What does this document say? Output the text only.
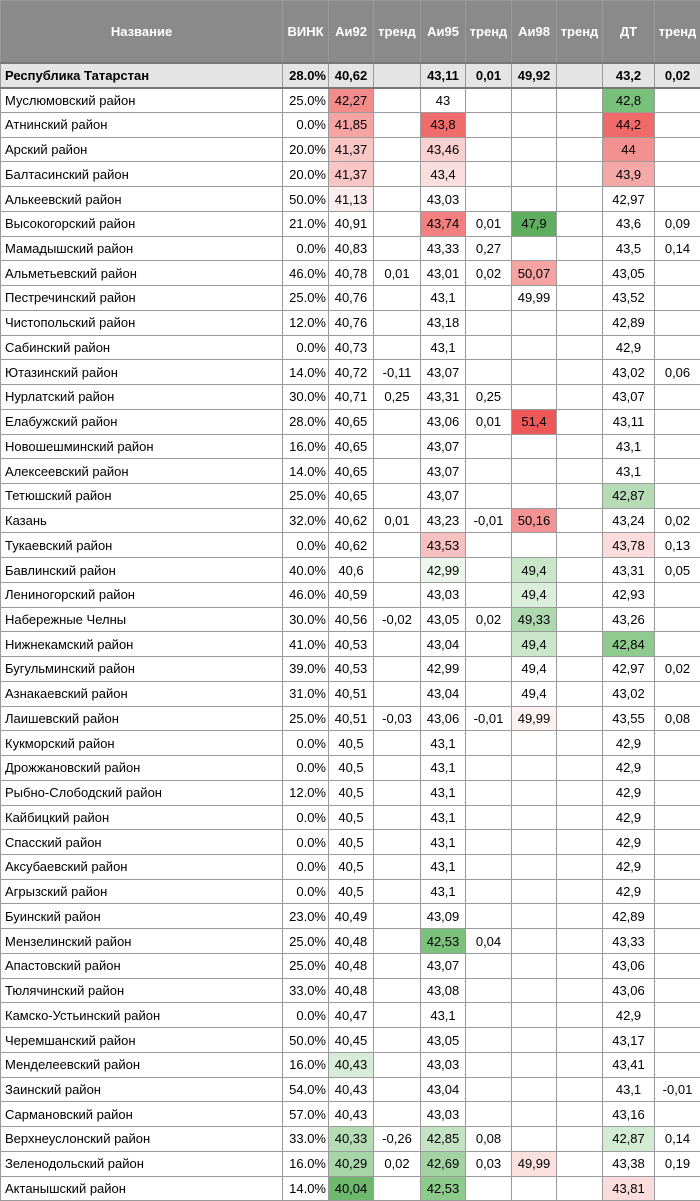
Название	ВИНК	Аи92	тренд	Аи95	тренд	Аи98	тренд	ДТ	тренд
Республика Татарстан	28.0%	40,62		43,11	0,01	49,92		43,2	0,02
Муслюмовский район	25.0%	42,27		43				42,8	
Атнинский район	0.0%	41,85		43,8				44,2	
Арский район	20.0%	41,37		43,46				44	
Балтасинский район	20.0%	41,37		43,4				43,9	
Алькеевский район	50.0%	41,13		43,03				42,97	
Высокогорский район	21.0%	40,91		43,74	0,01	47,9		43,6	0,09
Мамадышский район	0.0%	40,83		43,33	0,27			43,5	0,14
Альметьевский район	46.0%	40,78	0,01	43,01	0,02	50,07		43,05	
Пестречинский район	25.0%	40,76		43,1		49,99		43,52	
Чистопольский район	12.0%	40,76		43,18				42,89	
Сабинский район	0.0%	40,73		43,1				42,9	
Ютазинский район	14.0%	40,72	-0,11	43,07				43,02	0,06
Нурлатский район	30.0%	40,71	0,25	43,31	0,25			43,07	
Елабужский район	28.0%	40,65		43,06	0,01	51,4		43,11	
Новошешминский район	16.0%	40,65		43,07				43,1	
Алексеевский район	14.0%	40,65		43,07				43,1	
Тетюшский район	25.0%	40,65		43,07				42,87	
Казань	32.0%	40,62	0,01	43,23	-0,01	50,16		43,24	0,02
Тукаевский район	0.0%	40,62		43,53				43,78	0,13
Бавлинский район	40.0%	40,6		42,99		49,4		43,31	0,05
Лениногорский район	46.0%	40,59		43,03		49,4		42,93	
Набережные Челны	30.0%	40,56	-0,02	43,05	0,02	49,33		43,26	
Нижнекамский район	41.0%	40,53		43,04		49,4		42,84	
Бугульминский район	39.0%	40,53		42,99		49,4		42,97	0,02
Азнакаевский район	31.0%	40,51		43,04		49,4		43,02	
Лаишевский район	25.0%	40,51	-0,03	43,06	-0,01	49,99		43,55	0,08
Кукморский район	0.0%	40,5		43,1				42,9	
Дрожжановский район	0.0%	40,5		43,1				42,9	
Рыбно-Слободский район	12.0%	40,5		43,1				42,9	
Кайбицкий район	0.0%	40,5		43,1				42,9	
Спасский район	0.0%	40,5		43,1				42,9	
Аксубаевский район	0.0%	40,5		43,1				42,9	
Агрызский район	0.0%	40,5		43,1				42,9	
Буинский район	23.0%	40,49		43,09				42,89	
Мензелинский район	25.0%	40,48		42,53	0,04			43,33	
Апастовский район	25.0%	40,48		43,07				43,06	
Тюлячинский район	33.0%	40,48		43,08				43,06	
Камско-Устьинский район	0.0%	40,47		43,1				42,9	
Черемшанский район	50.0%	40,45		43,05				43,17	
Менделеевский район	16.0%	40,43		43,03				43,41	
Заинский район	54.0%	40,43		43,04				43,1	-0,01
Сармановский район	57.0%	40,43		43,03				43,16	
Верхнеуслонский район	33.0%	40,33	-0,26	42,85	0,08			42,87	0,14
Зеленодольский район	16.0%	40,29	0,02	42,69	0,03	49,99		43,38	0,19
Актанышский район	14.0%	40,04		42,53				43,81	
